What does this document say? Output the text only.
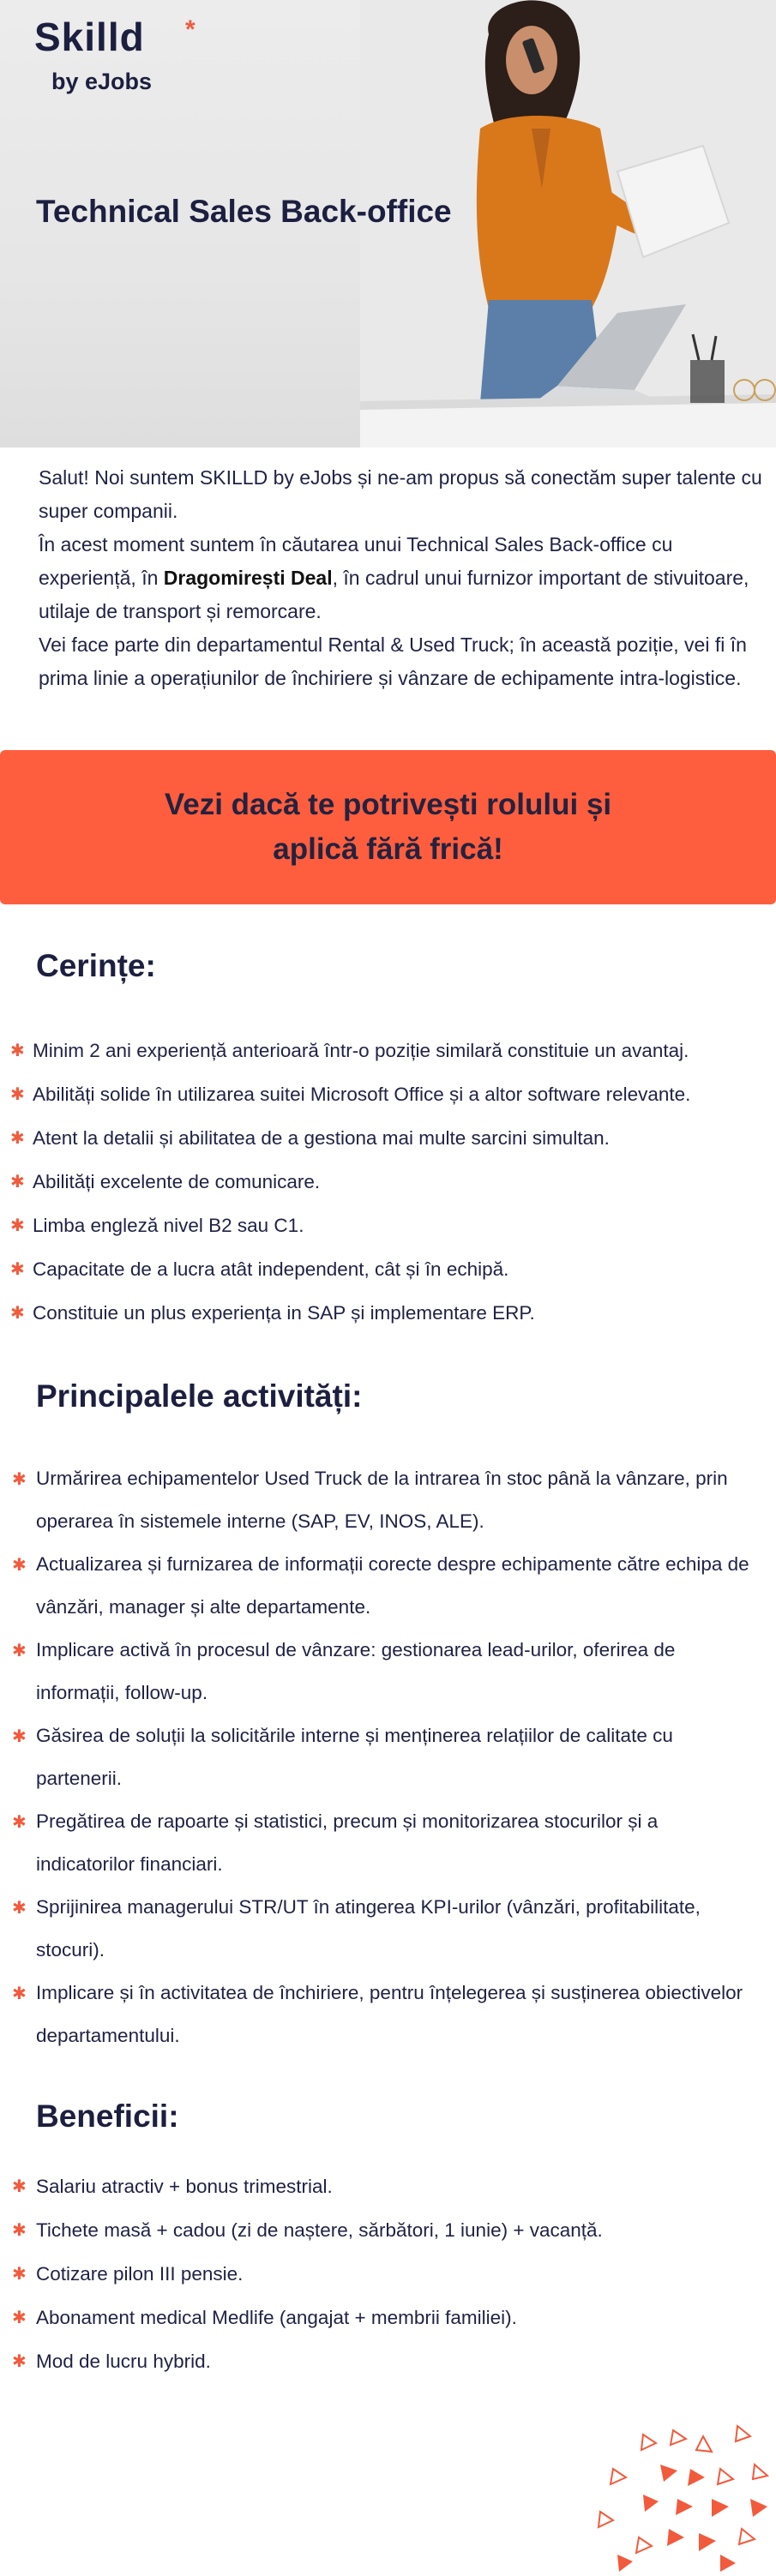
Skilld *
by eJobs
Technical Sales Back-office

Salut! Noi suntem SKILLD by eJobs și ne-am propus să conectăm super talente cu super companii.

În acest moment suntem în căutarea unui Technical Sales Back-office cu experiență, în Dragomirești Deal, în cadrul unui furnizor important de stivuitoare, utilaje de transport și remorcare.

Vei face parte din departamentul Rental & Used Truck; în această poziție, vei fi în prima linie a operațiunilor de închiriere și vânzare de echipamente intra-logistice.

Vezi dacă te potrivești rolului și aplică fără frică!
Cerințe:
✱ Minim 2 ani experiență anterioară într-o poziție similară constituie un avantaj.
✱ Abilități solide în utilizarea suitei Microsoft Office și a altor software relevante.
✱ Atent la detalii și abilitatea de a gestiona mai multe sarcini simultan.
✱ Abilități excelente de comunicare.
✱ Limba engleză nivel B2 sau C1.
✱ Capacitate de a lucra atât independent, cât și în echipă.
✱ Constituie un plus experiența in SAP și implementare ERP.
Principalele activități:
✱ Urmărirea echipamentelor Used Truck de la intrarea în stoc până la vânzare, prin operarea în sistemele interne (SAP, EV, INOS, ALE).
✱ Actualizarea și furnizarea de informații corecte despre echipamente către echipa de vânzări, manager și alte departamente.
✱ Implicare activă în procesul de vânzare: gestionarea lead-urilor, oferirea de informații, follow-up.
✱ Găsirea de soluții la solicitările interne și menținerea relațiilor de calitate cu partenerii.
✱ Pregătirea de rapoarte și statistici, precum și monitorizarea stocurilor și a indicatorilor financiari.
✱ Sprijinirea managerului STR/UT în atingerea KPI-urilor (vânzări, profitabilitate, stocuri).
✱ Implicare și în activitatea de închiriere, pentru înțelegerea și susținerea obiectivelor departamentului.
Beneficii:
✱ Salariu atractiv + bonus trimestrial.
✱ Tichete masă + cadou (zi de naștere, sărbători, 1 iunie) + vacanță.
✱ Cotizare pilon III pensie.
✱ Abonament medical Medlife (angajat + membrii familiei).
✱ Mod de lucru hybrid.
